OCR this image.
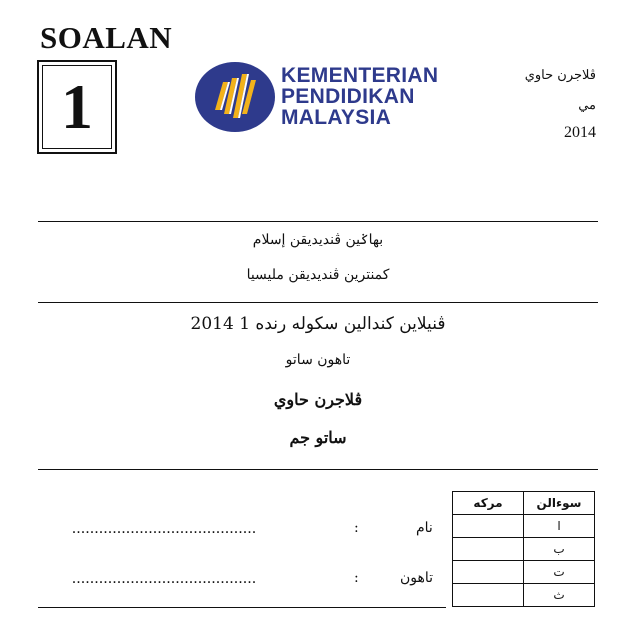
SOALAN
1	KEMENTERIAN
PENDIDIKAN
MALAYSIA
ڤلاجرن حاوي
مي
2014
بهاݢين ڤنديديقن إسلام
كمنترين ڤنديديقن مليسيا
ڤنيلاين كندالين سكوله رنده 1 2014
تاهون ساتو
ڤلاجرن حاوي
ساتو جم
نام
:
.........................................
تاهون
:
.........................................
مركه	سوءالن
	ا
	ب
	ت
	ث
